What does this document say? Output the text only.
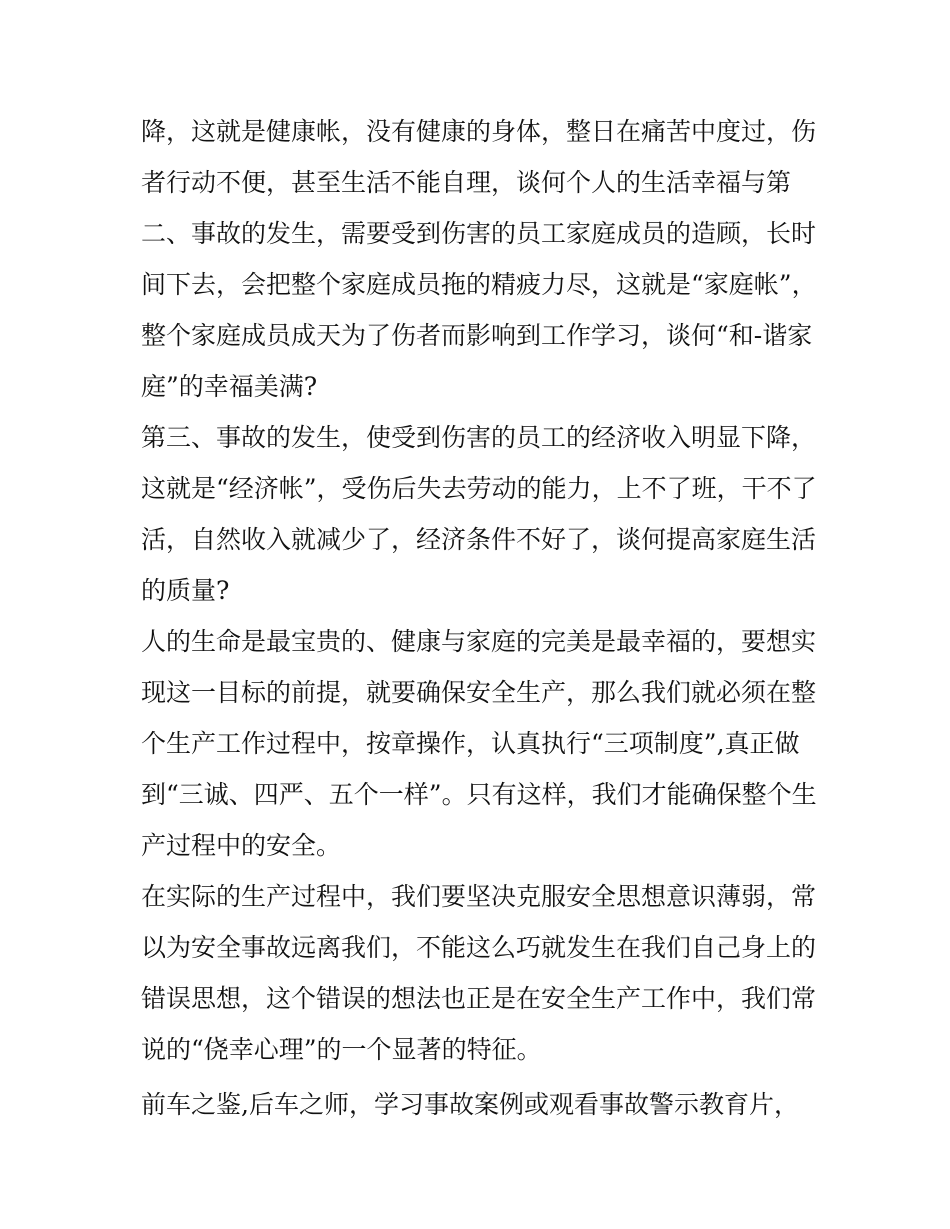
降，这就是健康帐，没有健康的身体，整日在痛苦中度过，伤
者行动不便，甚至生活不能自理，谈何个人的生活幸福与第
二、事故的发生，需要受到伤害的员工家庭成员的造顾，长时
间下去，会把整个家庭成员拖的精疲力尽，这就是“家庭帐”，
整个家庭成员成天为了伤者而影响到工作学习，谈何“和-谐家
庭”的幸福美满?
第三、事故的发生，使受到伤害的员工的经济收入明显下降，
这就是“经济帐”，受伤后失去劳动的能力，上不了班，干不了
活，自然收入就减少了，经济条件不好了，谈何提高家庭生活
的质量?
人的生命是最宝贵的、健康与家庭的完美是最幸福的，要想实
现这一目标的前提，就要确保安全生产，那么我们就必须在整
个生产工作过程中，按章操作，认真执行“三项制度”,真正做
到“三诚、四严、五个一样”。只有这样，我们才能确保整个生
产过程中的安全。
在实际的生产过程中，我们要坚决克服安全思想意识薄弱，常
以为安全事故远离我们，不能这么巧就发生在我们自己身上的
错误思想，这个错误的想法也正是在安全生产工作中，我们常
说的“侥幸心理”的一个显著的特征。
前车之鉴,后车之师，学习事故案例或观看事故警示教育片，
